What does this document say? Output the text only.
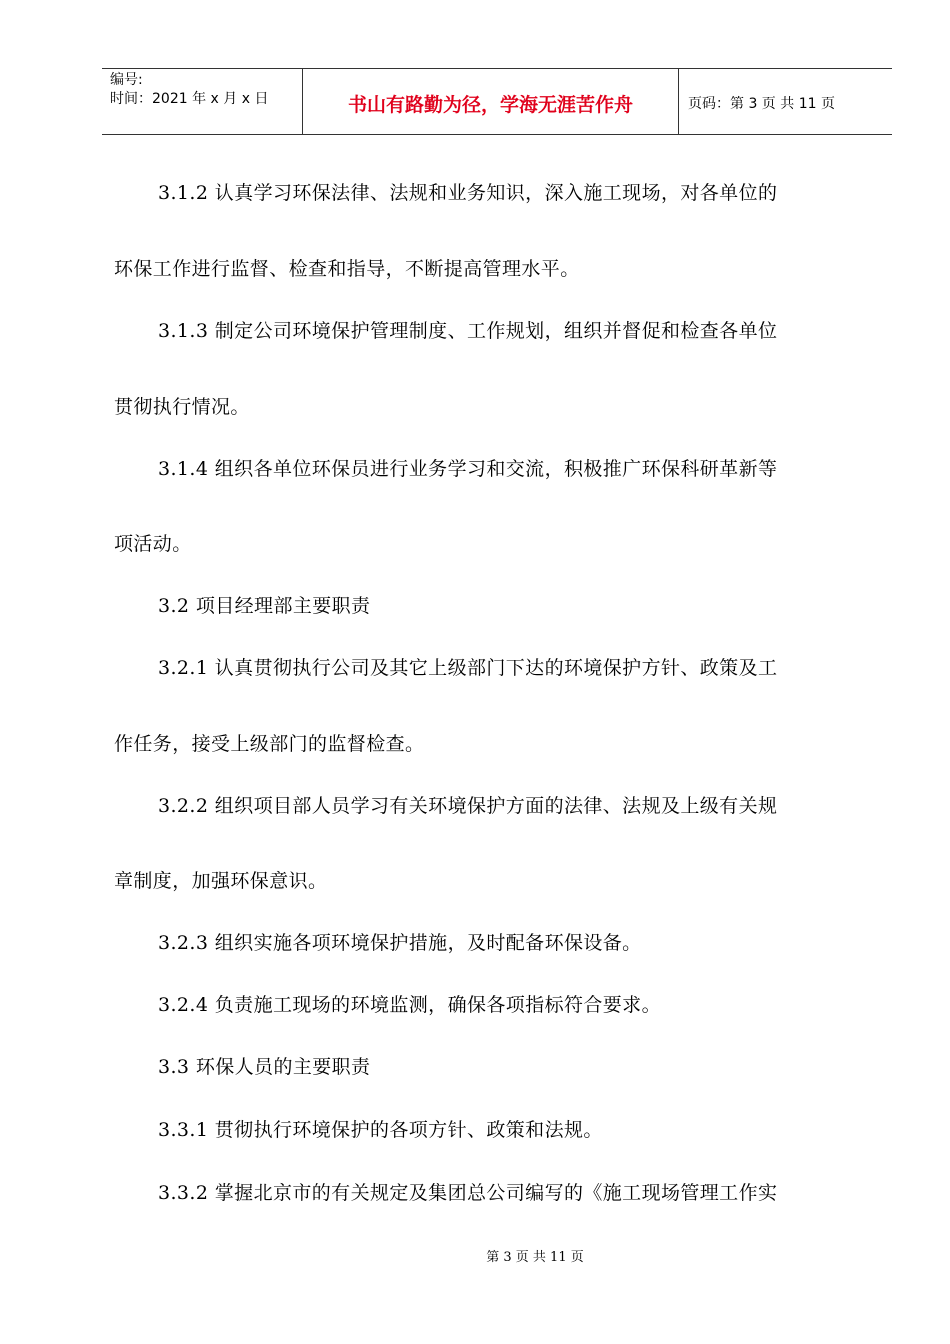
编号:
时间：2021 年 x 月 x 日	书山有路勤为径，学海无涯苦作舟	页码：第 3 页 共 11 页
3.1.2 认真学习环保法律、法规和业务知识，深入施工现场，对各单位的
环保工作进行监督、检查和指导，不断提高管理水平。
3.1.3 制定公司环境保护管理制度、工作规划，组织并督促和检查各单位
贯彻执行情况。
3.1.4 组织各单位环保员进行业务学习和交流，积极推广环保科研革新等
项活动。
3.2 项目经理部主要职责
3.2.1 认真贯彻执行公司及其它上级部门下达的环境保护方针、政策及工
作任务，接受上级部门的监督检查。
3.2.2 组织项目部人员学习有关环境保护方面的法律、法规及上级有关规
章制度，加强环保意识。
3.2.3 组织实施各项环境保护措施，及时配备环保设备。
3.2.4 负责施工现场的环境监测，确保各项指标符合要求。
3.3 环保人员的主要职责
3.3.1 贯彻执行环境保护的各项方针、政策和法规。
3.3.2 掌握北京市的有关规定及集团总公司编写的《施工现场管理工作实
第 3 页 共 11 页
